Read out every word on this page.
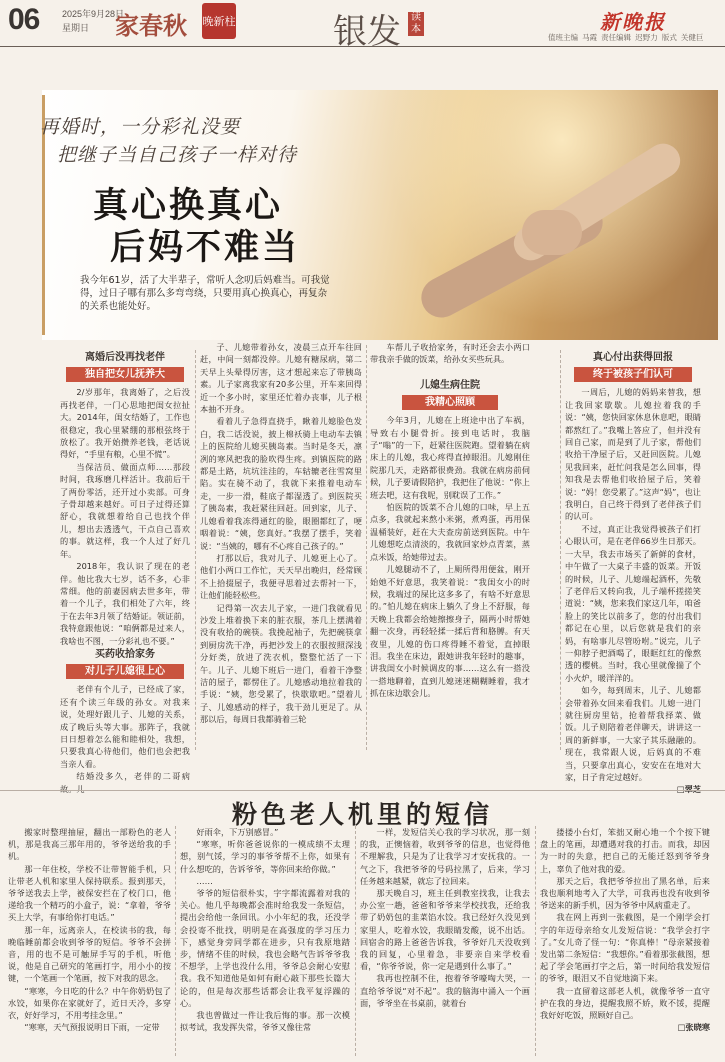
06	2025年9月28日
星期日 家春秋 晚新柱	银发	读本	新晚报
值班主编 马霞 责任编辑 迟野力 版式 关健巨
再婚时，一分彩礼没要
把继子当自己孩子一样对待
真心换真心
后妈不难当
我今年61岁，活了大半辈子，常听人念叨后妈难当。可我觉得，过日子哪有那么多弯弯绕，只要用真心换真心，再复杂的关系也能处好。
离婚后没再找老伴
独自把女儿抚养大

2/岁那年，我离婚了，之后没再找老伴，一门心思地把闺女拉扯大。2014年，闺女结婚了，工作也很稳定，我心里紧绷的那根弦终于放松了。我开始攒养老钱，老话说得好，“手里有粮，心里不慌”。

当保洁员、做面点师……那段时间，我琢磨几样活计。我前后干了两份零活，还开过小卖部。可身子骨却越来越好。可日子过得还算舒心，我就想着给自己也找个伴儿，想出去透透气，干点自己喜欢的事。就这样，我一个人过了好几年。

2018年，我认识了现在的老伴。他比我大七岁，话不多，心非常细。他的前妻因病去世多年，带着一个儿子，我们相处了六年，终于在去年3月领了结婚证。领证前，我特意跟他说：“咱俩都是过来人，我啥也不图，一分彩礼也不要。”

买药收拾家务
对儿子儿媳很上心

老伴有个儿子，已经成了家，还有个读三年级的孙女。对我来说，处理好跟儿子、儿媳的关系，成了晚后头等大事。那阵子，我就日日想着怎么能和睦相处，我想，只要我真心待他们，他们也会把我当亲人看。

结婚没多久，老伴的二哥病故。儿

子、儿媳带着孙女，凌晨三点开车往回赶，中间一刻都没停。儿媳有糖尿病，第二天早上头晕得厉害，这才想起来忘了带胰岛素。儿子家离我家有20多公里，开车来回得近一个多小时，家里还忙着办丧事，儿子根本抽不开身。

看着儿子急得直挠手，瞅着儿媳脸色发白，我二话没说，披上棉袄骑上电动车去镇上的医院给儿媳买胰岛素。当时是冬天，凛冽的寒风把我的脸吹得生疼。到镇医院的路都是土路，坑坑洼洼的，车轱辘老往雪窝里陷。实在骑不动了，我就下来推着电动车走，一步一滑，鞋底子都湿透了。到医院买了胰岛素，我赶紧往回赶。回到家，儿子、儿媳看着我冻得通红的脸，眼圈都红了，哽咽着说：“姨，您真好。”我摆了摆手，笑着说：“当姨的，哪有不心疼自己孩子的。”

打那以后，我对儿子、儿媳更上心了。他们小两口工作忙，天天早出晚归，经常顾不上拾掇屋子，我便寻思着过去帮衬一下，让他们能轻松些。

记得第一次去儿子家，一进门我就看见沙发上堆着换下来的脏衣服，茶几上摆满着没有收拾的碗筷。我挽起袖子，先把碗筷拿到厨房洗干净，再把沙发上的衣服按照深浅分好类，放进了洗衣机，整整忙活了一下午。儿子、儿媳下班后一进门，看着干净整洁的屋子，都愣住了。儿媳感动地拉着我的手说：“姨，您受累了，快歇歇吧。”望着儿子、儿媳感动的样子，我干劲儿更足了。从那以后，每周日我都骑着三轮

车帮儿子收拾家务，有时还会去小两口带我亲手做的饭菜，给孙女买些玩具。

儿媳生病住院
我精心照顾

今年3月，儿媳在上班途中出了车祸，导致右小腿骨折。接到电话时，我脑子“嗡”的一下，赶紧往医院跑。望着躺在病床上的儿媳，我心疼得直掉眼泪。儿媳刚住院那几天，走路都很费劲。我就在病房前伺候，儿子要请假陪护，我把住了他说：“你上班去吧，这有我呢，别耽误了工作。”

怕医院的饭菜不合儿媳的口味，早上五点多，我就起来熬小米粥，煮鸡蛋，再用保温桶装好，赶在大夫查房前送到医院。中午儿媳想吃点清淡的，我就回家炒点青菜，蒸点米饭，给她带过去。

儿媳腿动不了，上厕所得用便盆，刚开始她不好意思，我笑着说：“我闺女小的时候，我端过的屎比这多多了，有啥不好意思的。”怕儿媳在病床上躺久了身上不舒服，每天晚上我都会给她擦擦身子，隔两小时帮她翻一次身，再轻轻揉一揉后背和胳膊。有天夜里，儿媳的伤口疼得睡不着觉，直掉眼泪。我坐在床边，跟她讲我年轻时的趣事，讲我闺女小时候调皮的事……这么有一搭没一搭地聊着，直到儿媳迷迷糊糊睡着，我才抓在床边歇会儿。

真心付出获得回报
终于被孩子们认可

一周后，儿媳的妈妈来替我，想让我回家歇歇。儿媳拉着我的手说：“姨，您快回家休息休息吧，眼睛都熬红了。”我嘴上答应了，但并没有回自己家，而是到了儿子家，帮他们收拾干净屋子后，又赶回医院。儿媳见我回来，赶忙问我是怎么回事，得知我是去帮他们收拾屋子后，笑着说：“妈！您受累了。”这声“妈”，也让我明白，自己终于得到了老伴孩子们的认可。

不过，真正让我觉得被孩子们打心眼认可，是在老伴66岁生日那天。一大早，我去市场买了新鲜的食材，中午做了一大桌子丰盛的饭菜。开饭的时候，儿子、儿媳端起酒杯，先敬了老伴后又转向我，儿子端杯搓搓笑道说：“姨，您来我们家这几年，咱爸脸上的笑比以前多了，您的付出我们都记在心里，以后您就是我们的亲妈，有啥事儿尽管吩咐。”说完，儿子一仰脖子把酒喝了，眼眶红红的像熬透的樱桃。当时，我心里就像揣了个小火炉，暖洋洋的。

如今，每到周末，儿子、儿媳都会带着孙女回来看我们。儿媳一进门就往厨房里钻，抢着帮我择菜、做饭。儿子则陪着老伴聊天，讲讲这一周的新鲜事，一大家子其乐融融的。现在，我常跟人说，后妈真的不难当，只要拿出真心，安安在在地对大家，日子肯定过越好。

□翠芝
粉色老人机里的短信

搬家时整理抽屉，翻出一部粉色的老人机，那是我高三那年用的，爷爷送给我的手机。

那一年住校，学校不让带智能手机，只让带老人机和家里人保持联系。报到那天，爷爷送我去上学，被保安拦在了校门口，他递给我一个精巧的小盒子，说：“拿着，爷爷买上大学，有事给你打电话。”

那一年，远离亲人，在校读书的我，每晚临睡前都会收到爷爷的短信。爷爷不会拼音，用的也不是可触屏手写的手机，听他说，他是自己研究的笔画打字，用小小的按键，一个笔画一个笔画，按下对我的思念。

“寒寒，今日吃的什么？中午你奶奶包了水饺，如果你在家就好了，近日天冷，多穿衣，好好学习，不用考挂念里。”

“寒寒，天气预报说明日下雨，一定带

好雨伞，下万别感冒。”

“寒寒，听你爸爸说你的一模成绩不太理想，别气馁，学习的事爷爷帮不上你，如果有什么想吃的，告诉爷爷，等你回来给你做。”

……

爷爷的短信很朴实，字字都流露着对我的关心。他几乎每晚都会准时给我发一条短信，提出会给他一条回讯。小小年纪的我，还没学会投寄不批找，明明是在高强度的学习压力下，感觉身旁同学都在进步，只有我原地踏步，情绪不佳的时候，我也会略气告诉爷爷我不想学，上学也没什么用，爷爷总会耐心安慰我。我不知道他是如何有耐心敲下那些长篇大论的，但是每次那些话都会让我平复浮躁的心。

我也曾做过一件让我后悔的事。那一次模拟考试，我发挥失常，爷爷又像往常

一样，发短信关心我的学习状况，那一刻的我，正懊恼着，收到爷爷的信息，也觉得他不理解我，只是为了让我学习才安抚我的。一气之下，我把爷爷的号码拉黑了，后来，学习任务越来越紧，就忘了拉回来。

那天晚自习，班主任到教室找我，让我去办公室一趟，爸爸和爷爷来学校找我，还给我带了奶奶包的韭菜馅水饺。我已经好久没见到家里人，吃着水饺，我眼睛发酸，说不出话。回宿舍的路上爸爸告诉我，爷爷好几天没收到我的回复，心里着急，非要亲自来学校看看，“你爷爷说，你一定是遇到什么事了。”

我再也控制不住，抱着爷爷嚎啕大哭，一直给爷爷说“对不起”。我的脑海中涌入一个画面，爷爷坐在书桌前，就着台

搂搂小台灯，笨拙又耐心地一个个按下键盘上的笔画，却遭遇对我的打击。而我，却因为一时的失意，把自己的无能迁怒到爷爷身上，辜负了他对我的爱。

那天之后，我把爷爷拉出了黑名单，后来我也顺利地考入了大学，可我再也没有收到爷爷送来的新手机，因为爷爷中风病重走了。

我在网上再到一张截图，是一个刚学会打字的年迈母亲给女儿发短信说：“我学会打字了。”女儿奇了怪一句：“你真棒！”母亲紧接着发出第二条短信：“我想你。”看着那张截图，想起了学会笔画打字之后，第一时间给我发短信的爷爷，眼泪又不自觉地滴下来。

我一直留着这部老人机，就像爷爷一直守护在我的身边，提醒我照不娇，败不馁，提醒我好好吃饭，照顾好自己。

□张晓寒
